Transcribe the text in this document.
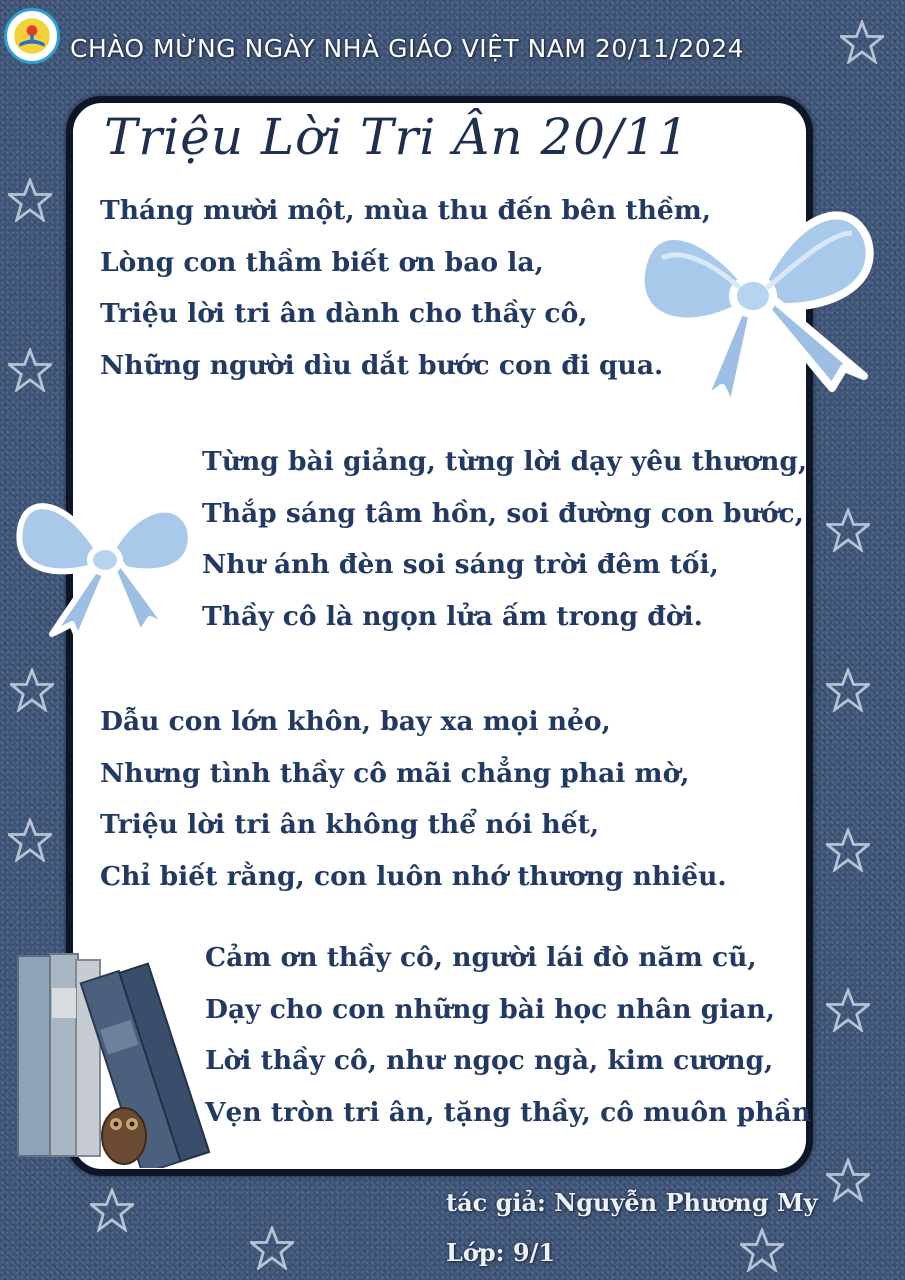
CHÀO MỪNG NGÀY NHÀ GIÁO VIỆT NAM 20/11/2024
Triệu Lời Tri Ân 20/11
Tháng mười một, mùa thu đến bên thềm,
Lòng con thầm biết ơn bao la,
Triệu lời tri ân dành cho thầy cô,
Những người dìu dắt bước con đi qua.
Từng bài giảng, từng lời dạy yêu thương,
Thắp sáng tâm hồn, soi đường con bước,
Như ánh đèn soi sáng trời đêm tối,
Thầy cô là ngọn lửa ấm trong đời.
Dẫu con lớn khôn, bay xa mọi nẻo,
Nhưng tình thầy cô mãi chẳng phai mờ,
Triệu lời tri ân không thể nói hết,
Chỉ biết rằng, con luôn nhớ thương nhiều.
Cảm ơn thầy cô, người lái đò năm cũ,
Dạy cho con những bài học nhân gian,
Lời thầy cô, như ngọc ngà, kim cương,
Vẹn tròn tri ân, tặng thầy, cô muôn phần
tác giả: Nguyễn Phương My
Lớp: 9/1
